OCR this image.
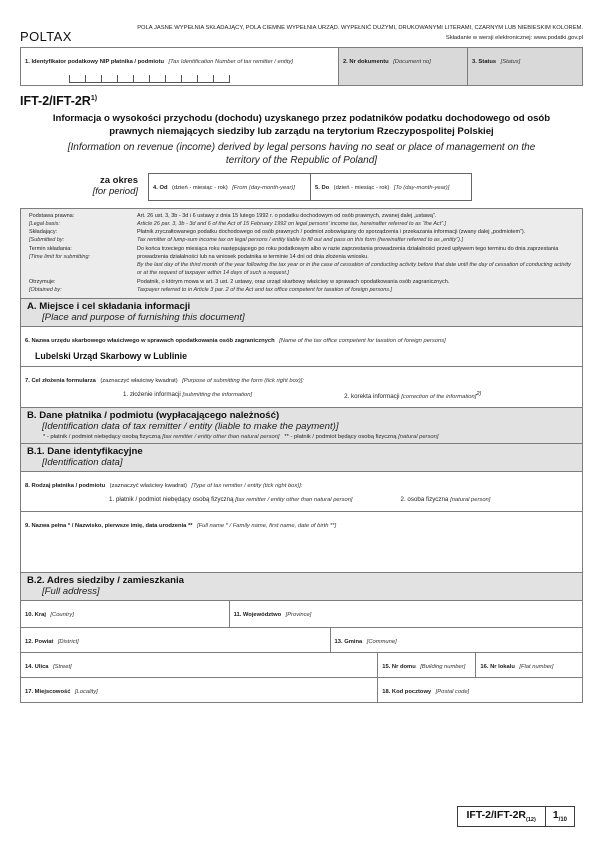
POLTAX
POLA JASNE WYPEŁNIA SKŁADAJĄCY, POLA CIEMNE WYPEŁNIA URZĄD. WYPEŁNIĆ DUŻYMI, DRUKOWANYMI LITERAMI, CZARNYM LUB NIEBIESKIM KOLOREM.
Składanie w wersji elektronicznej: www.podatki.gov.pl
1. Identyfikator podatkowy NIP płatnika / podmiotu [Tax Identification Number of tax remitter / entity]	2. Nr dokumentu [Document no]	3. Status [Status]
IFT-$2/IFT-2R^{1)}$
Informacja o wysokości przychodu (dochodu) uzyskanego przez podatników podatku dochodowego od osób prawnych niemających siedziby lub zarządu na terytorium Rzeczypospolitej Polskiej
[Information on revenue (income) derived by legal persons having no seat or place of management on the territory of the Republic of Poland]
za okres
[for period]	4. Od (dzień - miesiąc - rok) [From (day-month-year)]	5. Do (dzień - miesiąc - rok) [To (day-month-year)]
Podstawa prawna:
[Legal basis:
Art. 26 ust. 3, 3b - 3d i 6 ustawy z dnia 15 lutego 1992 r. o podatku dochodowym od osób prawnych, zwanej dalej „ustawą”.
Article 26 par. 3, 3b - 3d and 6 of the Act of 15 February 1992 on legal persons’ income tax, hereinafter referred to as “the Act”.]
Składający:
[Submitted by:
Płatnik zryczałtowanego podatku dochodowego od osób prawnych / podmiot zobowiązany do sporządzenia i przekazania informacji (zwany dalej „podmiotem”).
Tax remitter of lump-sum income tax on legal persons / entity liable to fill out and pass on this form (hereinafter referred to as „entity”).]
Termin składania:
[Time limit for submitting:
Do końca trzeciego miesiąca roku następującego po roku podatkowym albo w razie zaprzestania prowadzenia działalności przed upływem tego terminu do dnia zaprzestania prowadzenia działalności lub na wniosek podatnika w terminie 14 dni od dnia złożenia wniosku.
By the last day of the third month of the year following the tax year or in the case of cessation of conducting activity before that date until the day of cessation of conducting activity or at the request of taxpayer within 14 days of such a request.]
Otrzymuje:
[Obtained by:
Podatnik, o którym mowa w art. 3 ust. 2 ustawy, oraz urząd skarbowy właściwy w sprawach opodatkowania osób zagranicznych.
Taxpayer referred to in Article 3 par. 2 of the Act and tax office competent for taxation of foreign persons.]
A. Miejsce i cel składania informacji
[Place and purpose of furnishing this document]
6. Nazwa urzędu skarbowego właściwego w sprawach opodatkowania osób zagranicznych [Name of the tax office competent for taxation of foreign persons]
Lubelski Urząd Skarbowy w Lublinie
7. Cel złożenia formularza (zaznaczyć właściwy kwadrat) [Purpose of submitting the form (tick right box)]:
1. złożenie informacji [submitting the information]	2. korekta informacji [correction of the information]$^{2)}$
B. Dane płatnika / podmiotu (wypłacającego należność)
[Identification data of tax remitter / entity (liable to make the payment)]
* - płatnik / podmiot niebędący osobą fizyczną [tax remitter / entity other than natural person] ** - płatnik / podmiot będący osobą fizyczną [natural person]
B.1. Dane identyfikacyjne
[Identification data]
8. Rodzaj płatnika / podmiotu (zaznaczyć właściwy kwadrat) [Type of tax remitter / entity (tick right box)]:
1. płatnik / podmiot niebędący osobą fizyczną [tax remitter / entity other than natural person]	2. osoba fizyczna [natural person]
9. Nazwa pełna * / Nazwisko, pierwsze imię, data urodzenia ** [Full name * / Family name, first name, date of birth **]
B.2. Adres siedziby / zamieszkania
[Full address]
10. Kraj [Country]	11. Województwo [Province]
12. Powiat [District]	13. Gmina [Commune]
14. Ulica [Street]	15. Nr domu [Building number]	16. Nr lokalu [Flat number]
17. Miejscowość [Locality]	18. Kod pocztowy [Postal code]
IFT-$2/IFT-2R_{(12)}$	$1_{/10}$
